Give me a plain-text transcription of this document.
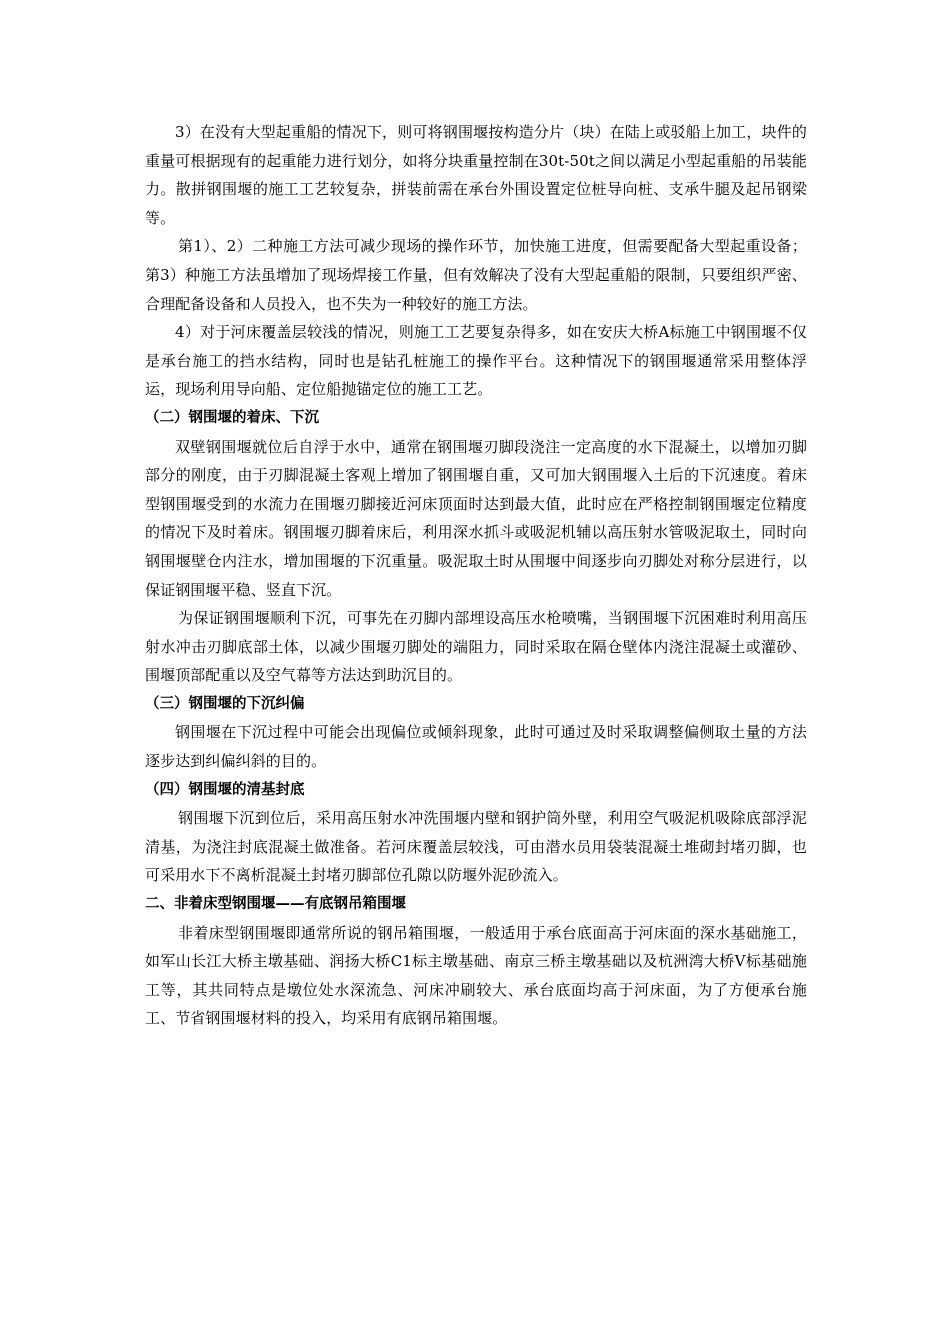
3）在没有大型起重船的情况下，则可将钢围堰按构造分片（块）在陆上或驳船上加工，块件的重量可根据现有的起重能力进行划分，如将分块重量控制在30t-50t之间以满足小型起重船的吊装能力。散拼钢围堰的施工工艺较复杂，拼装前需在承台外围设置定位桩导向桩、支承牛腿及起吊钢梁等。

第1）、2）二种施工方法可减少现场的操作环节，加快施工进度，但需要配备大型起重设备；第3）种施工方法虽增加了现场焊接工作量，但有效解决了没有大型起重船的限制，只要组织严密、合理配备设备和人员投入，也不失为一种较好的施工方法。

4）对于河床覆盖层较浅的情况，则施工工艺要复杂得多，如在安庆大桥A标施工中钢围堰不仅是承台施工的挡水结构，同时也是钻孔桩施工的操作平台。这种情况下的钢围堰通常采用整体浮运，现场利用导向船、定位船抛锚定位的施工工艺。

（二）钢围堰的着床、下沉

双壁钢围堰就位后自浮于水中，通常在钢围堰刃脚段浇注一定高度的水下混凝土，以增加刃脚部分的刚度，由于刃脚混凝土客观上增加了钢围堰自重，又可加大钢围堰入土后的下沉速度。着床型钢围堰受到的水流力在围堰刃脚接近河床顶面时达到最大值，此时应在严格控制钢围堰定位精度的情况下及时着床。钢围堰刃脚着床后，利用深水抓斗或吸泥机辅以高压射水管吸泥取土，同时向钢围堰壁仓内注水，增加围堰的下沉重量。吸泥取土时从围堰中间逐步向刃脚处对称分层进行，以保证钢围堰平稳、竖直下沉。

为保证钢围堰顺利下沉，可事先在刃脚内部埋设高压水枪喷嘴，当钢围堰下沉困难时利用高压射水冲击刃脚底部土体，以减少围堰刃脚处的端阻力，同时采取在隔仓壁体内浇注混凝土或灌砂、围堰顶部配重以及空气幕等方法达到助沉目的。

（三）钢围堰的下沉纠偏

钢围堰在下沉过程中可能会出现偏位或倾斜现象，此时可通过及时采取调整偏侧取土量的方法逐步达到纠偏纠斜的目的。

（四）钢围堰的清基封底

钢围堰下沉到位后，采用高压射水冲洗围堰内壁和钢护筒外壁，利用空气吸泥机吸除底部浮泥清基，为浇注封底混凝土做准备。若河床覆盖层较浅，可由潜水员用袋装混凝土堆砌封堵刃脚，也可采用水下不离析混凝土封堵刃脚部位孔隙以防堰外泥砂流入。

二、非着床型钢围堰——有底钢吊箱围堰

非着床型钢围堰即通常所说的钢吊箱围堰，一般适用于承台底面高于河床面的深水基础施工，如军山长江大桥主墩基础、润扬大桥C1标主墩基础、南京三桥主墩基础以及杭洲湾大桥Ⅴ标基础施工等，其共同特点是墩位处水深流急、河床冲刷较大、承台底面均高于河床面，为了方便承台施工、节省钢围堰材料的投入，均采用有底钢吊箱围堰。
